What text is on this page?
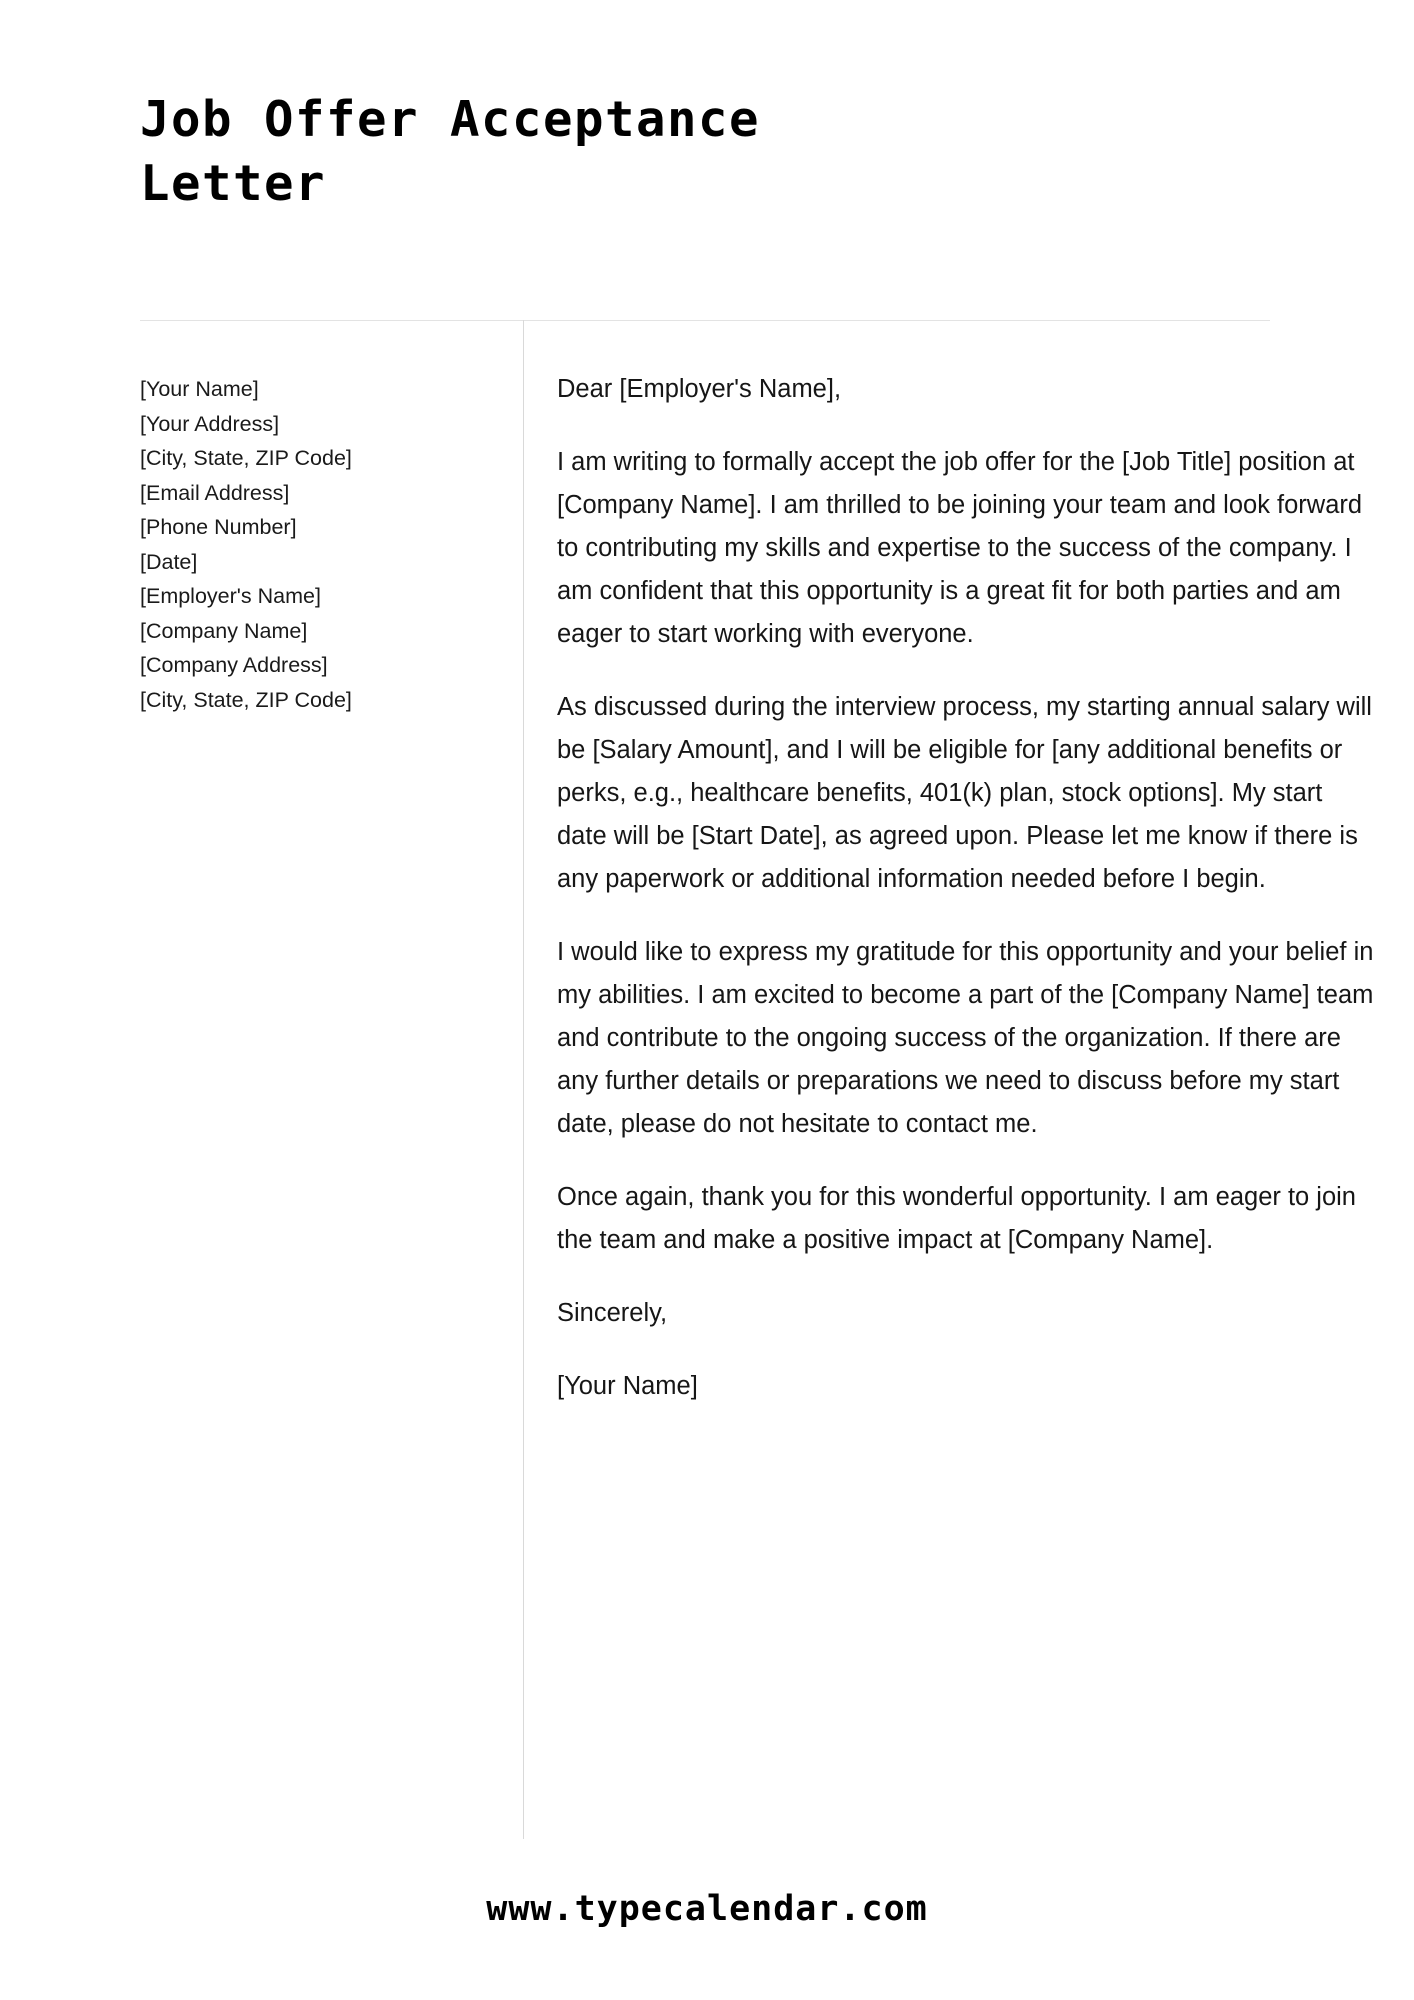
Job Offer Acceptance Letter
[Your Name]
[Your Address]
[City, State, ZIP Code]
[Email Address]
[Phone Number]
[Date]
[Employer's Name]
[Company Name]
[Company Address]
[City, State, ZIP Code]

Dear [Employer's Name],

I am writing to formally accept the job offer for the [Job Title] position at [Company Name]. I am thrilled to be joining your team and look forward to contributing my skills and expertise to the success of the company. I am confident that this opportunity is a great fit for both parties and am eager to start working with everyone.

As discussed during the interview process, my starting annual salary will be [Salary Amount], and I will be eligible for [any additional benefits or perks, e.g., healthcare benefits, 401(k) plan, stock options]. My start date will be [Start Date], as agreed upon. Please let me know if there is any paperwork or additional information needed before I begin.

I would like to express my gratitude for this opportunity and your belief in my abilities. I am excited to become a part of the [Company Name] team and contribute to the ongoing success of the organization. If there are any further details or preparations we need to discuss before my start date, please do not hesitate to contact me.

Once again, thank you for this wonderful opportunity. I am eager to join the team and make a positive impact at [Company Name].

Sincerely,

[Your Name]

www.typecalendar.com
